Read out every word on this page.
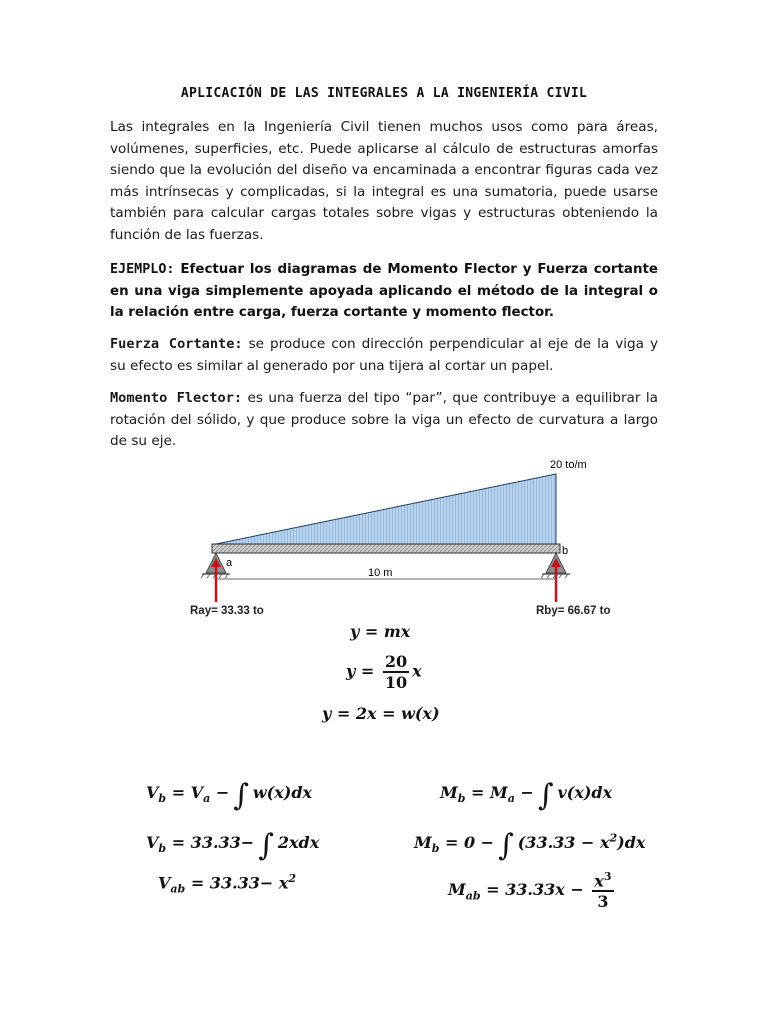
APLICACIÓN DE LAS INTEGRALES A LA INGENIERÍA CIVIL
Las integrales en la Ingeniería Civil tienen muchos usos como para áreas, volúmenes, superficies, etc. Puede aplicarse al cálculo de estructuras amorfas siendo que la evolución del diseño va encaminada a encontrar figuras cada vez más intrínsecas y complicadas, si la integral es una sumatoria, puede usarse también para calcular cargas totales sobre vigas y estructuras obteniendo la función de las fuerzas.
EJEMPLO: Efectuar los diagramas de Momento Flector y Fuerza cortante en una viga simplemente apoyada aplicando el método de la integral o la relación entre carga, fuerza cortante y momento flector.
Fuerza Cortante: se produce con dirección perpendicular al eje de la viga y su efecto es similar al generado por una tijera al cortar un papel.
Momento Flector: es una fuerza del tipo “par”, que contribuye a equilibrar la rotación del sólido, y que produce sobre la viga un efecto de curvatura a largo de su eje.
20 to/m
a
b
10 m
Ray= 33.33 to	Rby= 66.67 to
y = mx
$y = \frac{20}{10}$ x
y = 2x = w(x)
$V_b = V_a$ − ∫ w(x)dx
$V_b = 33.33-$ ∫ 2xdx
$V_{ab} = 33.33- x^2$
$M_b = M_a$ − ∫ v(x)dx
$M_b = 0$ − ∫ $(33.33 - x^2)dx$
$M_{ab} = 33.33x - \frac{x^3}{3}$
